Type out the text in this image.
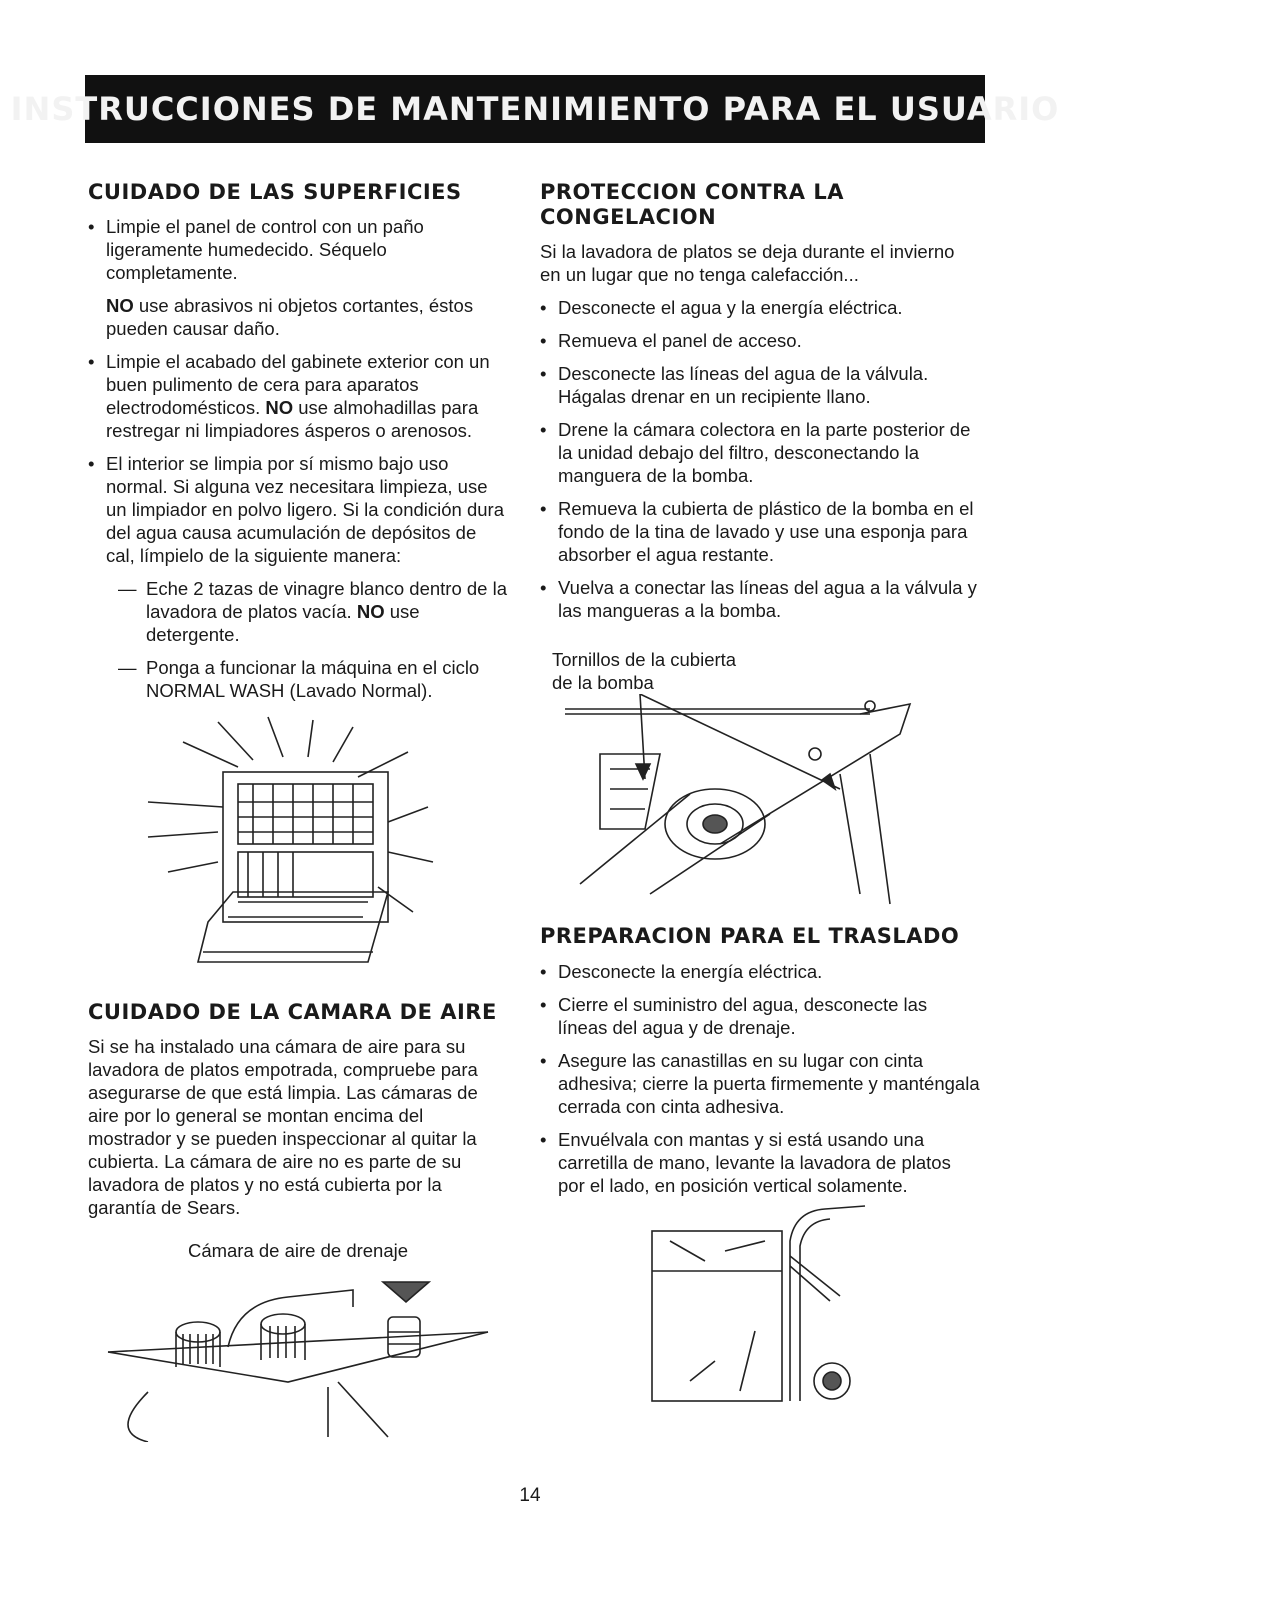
INSTRUCCIONES DE MANTENIMIENTO PARA EL USUARIO
CUIDADO DE LAS SUPERFICIES

• Limpie el panel de control con un paño ligeramente humedecido. Séquelo completamente.

NO use abrasivos ni objetos cortantes, éstos pueden causar daño.

• Limpie el acabado del gabinete exterior con un buen pulimento de cera para aparatos electrodomésticos. NO use almohadillas para restregar ni limpiadores ásperos o arenosos.

• El interior se limpia por sí mismo bajo uso normal. Si alguna vez necesitara limpieza, use un limpiador en polvo ligero. Si la condición dura del agua causa acumulación de depósitos de cal, límpielo de la siguiente manera:

— Eche 2 tazas de vinagre blanco dentro de la lavadora de platos vacía. NO use detergente.

— Ponga a funcionar la máquina en el ciclo NORMAL WASH (Lavado Normal).

CUIDADO DE LA CAMARA DE AIRE

Si se ha instalado una cámara de aire para su lavadora de platos empotrada, compruebe para asegurarse de que está limpia. Las cámaras de aire por lo general se montan encima del mostrador y se pueden inspeccionar al quitar la cubierta. La cámara de aire no es parte de su lavadora de platos y no está cubierta por la garantía de Sears.

Cámara de aire de drenaje

PROTECCION CONTRA LA CONGELACION

Si la lavadora de platos se deja durante el invierno en un lugar que no tenga calefacción...

• Desconecte el agua y la energía eléctrica.

• Remueva el panel de acceso.

• Desconecte las líneas del agua de la válvula. Hágalas drenar en un recipiente llano.

• Drene la cámara colectora en la parte posterior de la unidad debajo del filtro, desconectando la manguera de la bomba.

• Remueva la cubierta de plástico de la bomba en el fondo de la tina de lavado y use una esponja para absorber el agua restante.

• Vuelva a conectar las líneas del agua a la válvula y las mangueras a la bomba.

Tornillos de la cubierta
de la bomba
PREPARACION PARA EL TRASLADO

• Desconecte la energía eléctrica.

• Cierre el suministro del agua, desconecte las líneas del agua y de drenaje.

• Asegure las canastillas en su lugar con cinta adhesiva; cierre la puerta firmemente y manténgala cerrada con cinta adhesiva.

• Envuélvala con mantas y si está usando una carretilla de mano, levante la lavadora de platos por el lado, en posición vertical solamente.

14
